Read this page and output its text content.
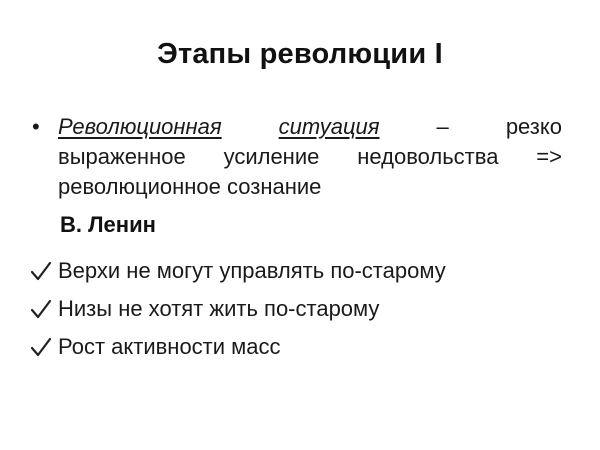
Этапы революции I
• Революционная	ситуация	–	резко
выраженное усиление недовольства =>
революционное сознание
В. Ленин
Верхи не могут управлять по-старому
Низы не хотят жить по-старому
Рост активности масс
